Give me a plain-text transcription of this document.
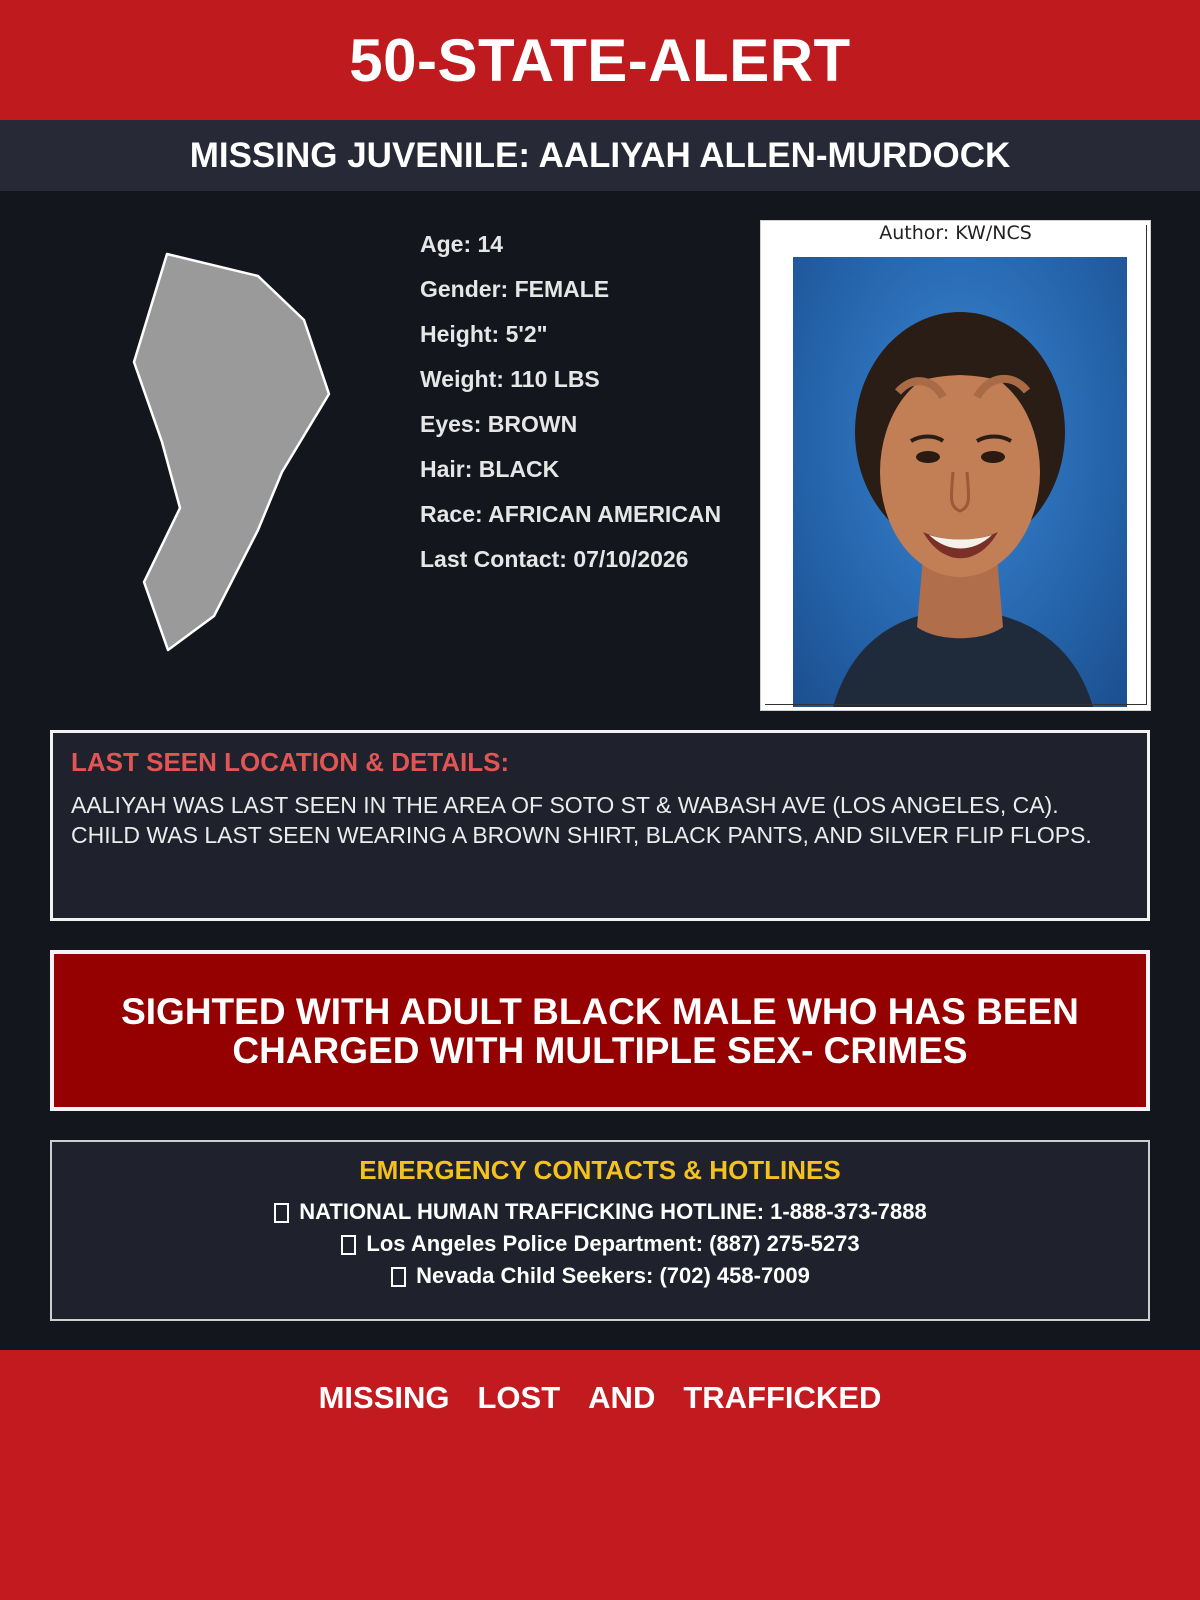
50-STATE-ALERT
MISSING JUVENILE: AALIYAH ALLEN-MURDOCK
Age: 14
Gender: FEMALE
Height: 5'2"
Weight: 110 LBS
Eyes: BROWN
Hair: BLACK
Race: AFRICAN AMERICAN
Last Contact: 07/10/2026
Author: KW/NCS
LAST SEEN LOCATION & DETAILS:
AALIYAH WAS LAST SEEN IN THE AREA OF SOTO ST & WABASH AVE (LOS ANGELES, CA). CHILD WAS LAST SEEN WEARING A BROWN SHIRT, BLACK PANTS, AND SILVER FLIP FLOPS.
SIGHTED WITH ADULT BLACK MALE WHO HAS BEEN CHARGED WITH MULTIPLE SEX- CRIMES
EMERGENCY CONTACTS & HOTLINES
NATIONAL HUMAN TRAFFICKING HOTLINE: 1-888-373-7888
Los Angeles Police Department: (887) 275-5273
Nevada Child Seekers: (702) 458-7009
MISSING LOST AND TRAFFICKED
